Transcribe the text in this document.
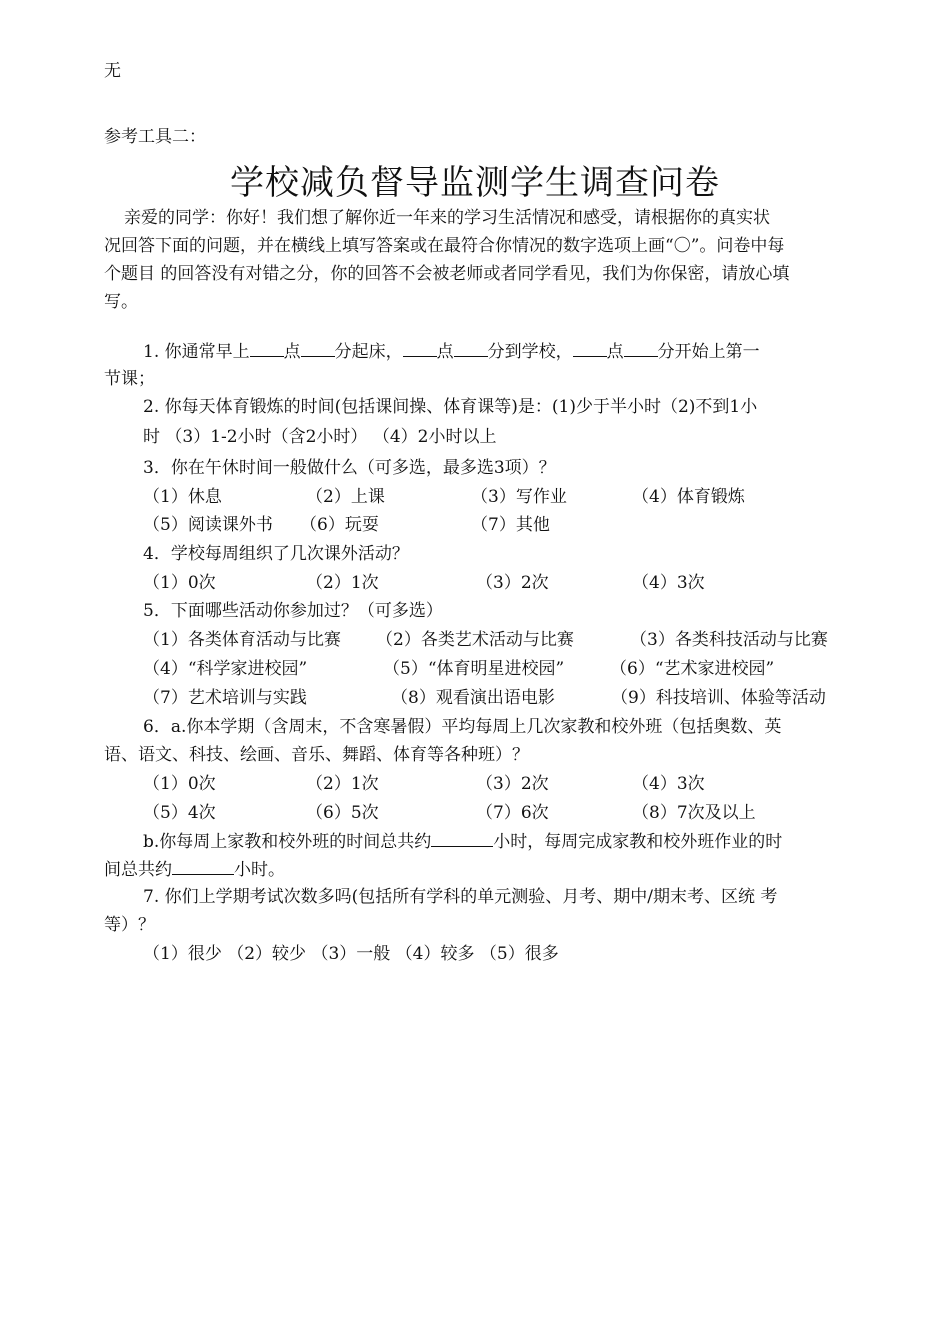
无
参考工具二：
学校减负督导监测学生调查问卷
亲爱的同学：你好！我们想了解你近一年来的学习生活情况和感受，请根据你的真实状
况回答下面的问题，并在横线上填写答案或在最符合你情况的数字选项上画“〇”。问卷中每
个题目 的回答没有对错之分，你的回答不会被老师或者同学看见，我们为你保密，请放心填
写。
1. 你通常早上 点 分起床， 点 分到学校， 点 分开始上第一
节课；
2. 你每天体育锻炼的时间(包括课间操、体育课等)是：(1)少于半小时（2)不到1小
时 （3）1-2小时（含2小时） （4）2小时以上
3．你在午休时间一般做什么（可多选，最多选3项）？
（1）休息	（2）上课	（3）写作业	（4）体育锻炼
（5）阅读课外书 （6）玩耍	（7）其他
4．学校每周组织了几次课外活动？
（1）0次	（2）1次	（3）2次	（4）3次
5．下面哪些活动你参加过？（可多选）
（1）各类体育活动与比赛 （2）各类艺术活动与比赛	（3）各类科技活动与比赛
（4）“科学家进校园”	（5）“体育明星进校园”	（6）“艺术家进校园”
（7）艺术培训与实践	（8）观看演出语电影	（9）科技培训、体验等活动
6．a.你本学期（含周末，不含寒暑假）平均每周上几次家教和校外班（包括奥数、英
语、语文、科技、绘画、音乐、舞蹈、体育等各种班）？
（1）0次	（2）1次	（3）2次	（4）3次
（5）4次	（6）5次	（7）6次	（8）7次及以上
b.你每周上家教和校外班的时间总共约	小时，每周完成家教和校外班作业的时
间总共约	小时。
7. 你们上学期考试次数多吗(包括所有学科的单元测验、月考、期中/期末考、区统 考
等）？
（1）很少 （2）较少 （3）一般 （4）较多 （5）很多
